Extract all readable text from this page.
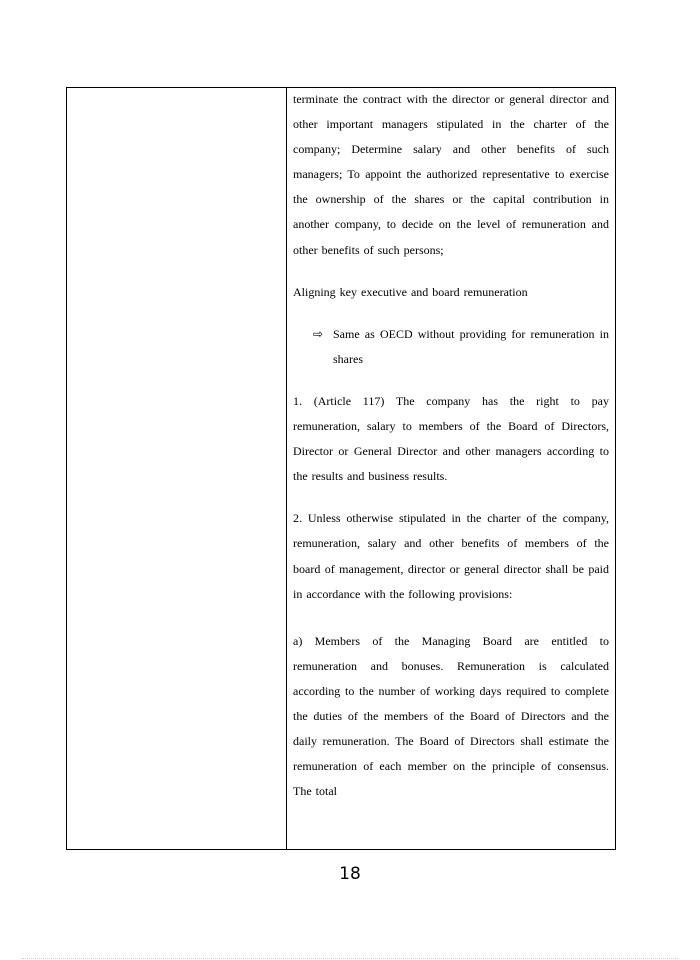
terminate the contract with the director or general director and other important managers stipulated in the charter of the company; Determine salary and other benefits of such managers; To appoint the authorized representative to exercise the ownership of the shares or the capital contribution in another company, to decide on the level of remuneration and other benefits of such persons;

Aligning key executive and board remuneration

⇨ Same as OECD without providing for remuneration in shares

1. (Article 117) The company has the right to pay remuneration, salary to members of the Board of Directors, Director or General Director and other managers according to the results and business results.

2. Unless otherwise stipulated in the charter of the company, remuneration, salary and other benefits of members of the board of management, director or general director shall be paid in accordance with the following provisions:

a) Members of the Managing Board are entitled to remuneration and bonuses. Remuneration is calculated according to the number of working days required to complete the duties of the members of the Board of Directors and the daily remuneration. The Board of Directors shall estimate the remuneration of each member on the principle of consensus. The total

18
